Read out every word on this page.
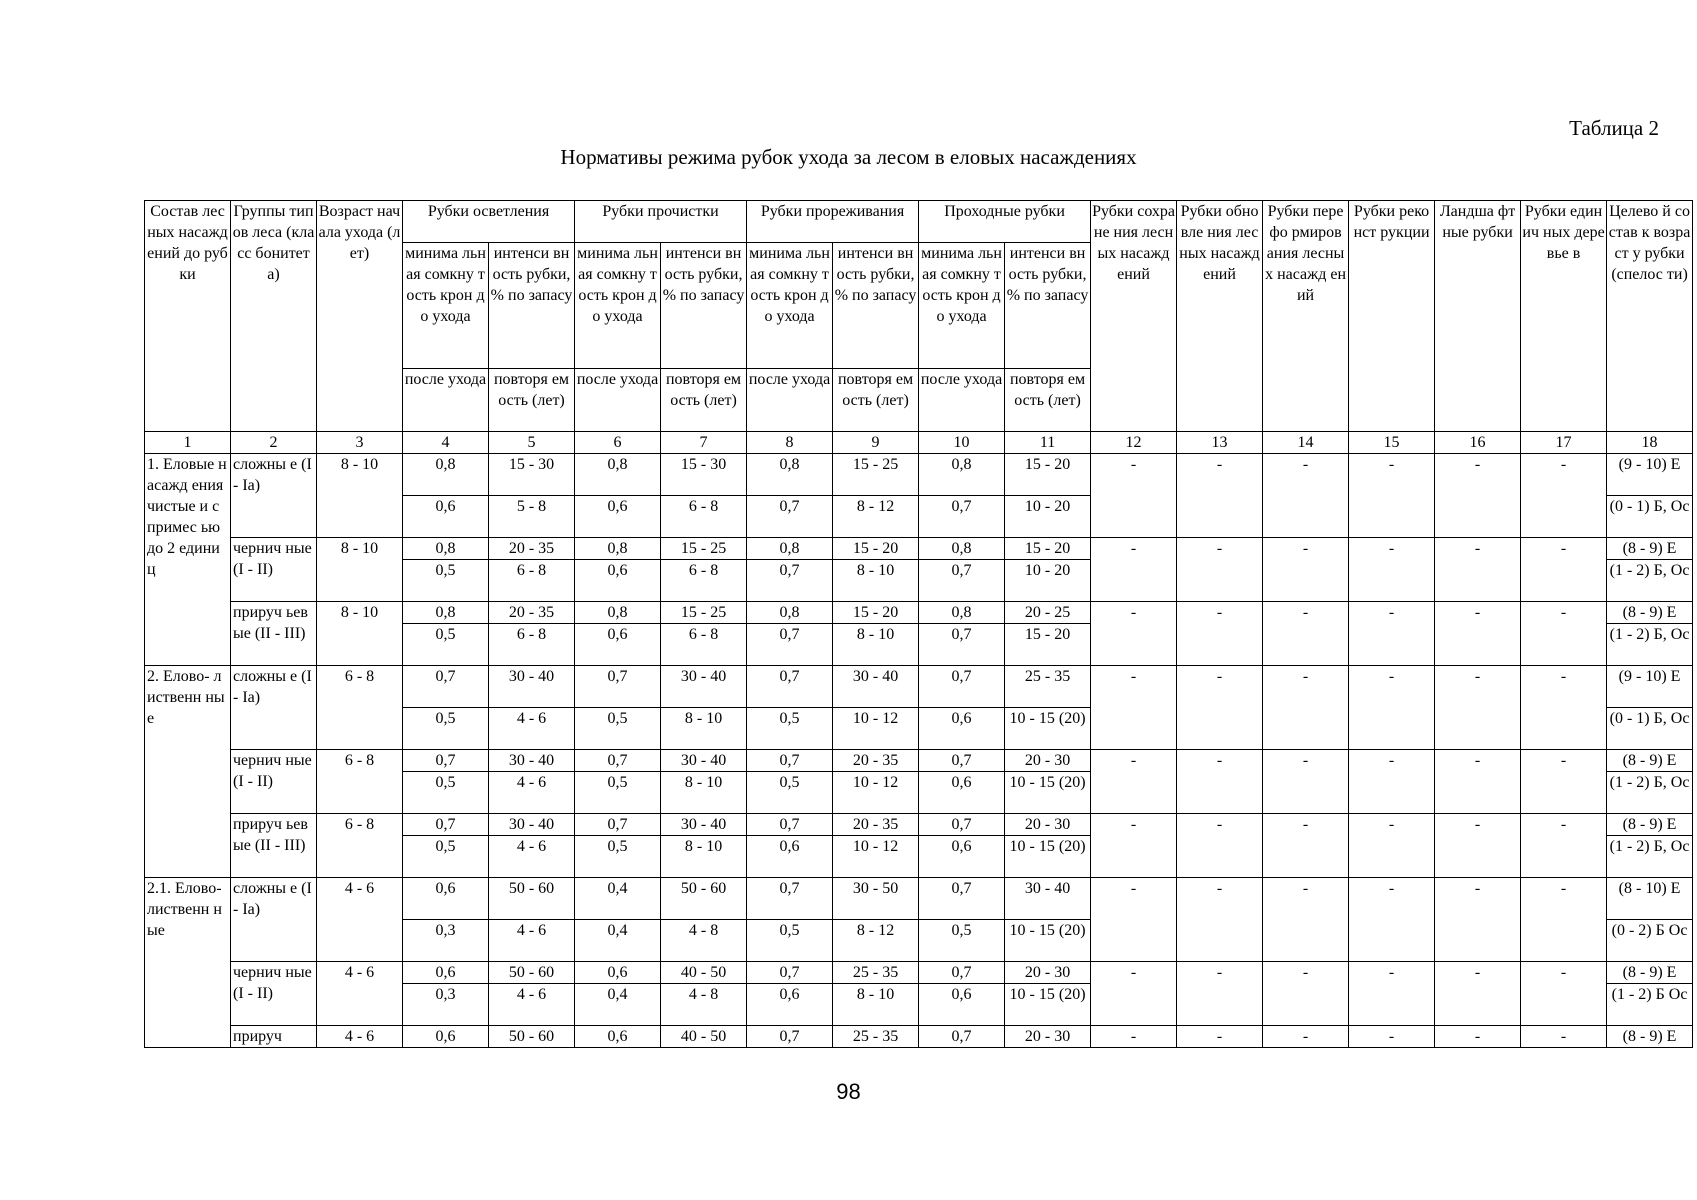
Таблица 2
Нормативы режима рубок ухода за лесом в еловых насаждениях
Состав лесных насажд ений до рубки	Группы типов леса (класс бонитет а)	Возраст начала ухода (лет)	Рубки осветления		Рубки прочистки		Рубки прореживания		Проходные рубки		Рубки сохране ния лесных насажд ений	Рубки обновле ния лесных насажд ений	Рубки перефо рмиров ания лесных насажд ений	Рубки реконст рукции	Ландша фтные рубки	Рубки единич ных деревье в	Целево й состав к возраст у рубки (спелос ти)
			минима льная сомкну тость крон до ухода	интенси вность рубки, % по запасу	минима льная сомкну тость крон до ухода	интенси вность рубки, % по запасу	минима льная сомкну тость крон до ухода	интенси вность рубки, % по запасу	минима льная сомкну тость крон до ухода	интенси вность рубки, % по запасу							
			после ухода	повторя емость (лет)	после ухода	повторя емость (лет)	после ухода	повторя емость (лет)	после ухода	повторя емость (лет)							
1	2	3	4	5	6	7	8	9	10	11	12	13	14	15	16	17	18
1. Еловые насажд ения чистые и с примес ью до 2 единиц	сложны е (I - Ia)	8 - 10	0,8	15 - 30	0,8	15 - 30	0,8	15 - 25	0,8	15 - 20	-	-	-	-	-	-	(9 - 10) Е
			0,6	5 - 8	0,6	6 - 8	0,7	8 - 12	0,7	10 - 20							(0 - 1) Б, Ос
	чернич ные (I - II)	8 - 10	0,8	20 - 35	0,8	15 - 25	0,8	15 - 20	0,8	15 - 20	-	-	-	-	-	-	(8 - 9) Е
			0,5	6 - 8	0,6	6 - 8	0,7	8 - 10	0,7	10 - 20							(1 - 2) Б, Ос
	прируч ьевые (II - III)	8 - 10	0,8	20 - 35	0,8	15 - 25	0,8	15 - 20	0,8	20 - 25	-	-	-	-	-	-	(8 - 9) Е
			0,5	6 - 8	0,6	6 - 8	0,7	8 - 10	0,7	15 - 20							(1 - 2) Б, Ос
2. Елово- лиственн ные	сложны е (I - Ia)	6 - 8	0,7	30 - 40	0,7	30 - 40	0,7	30 - 40	0,7	25 - 35	-	-	-	-	-	-	(9 - 10) Е
			0,5	4 - 6	0,5	8 - 10	0,5	10 - 12	0,6	10 - 15 (20)							(0 - 1) Б, Ос
	чернич ные (I - II)	6 - 8	0,7	30 - 40	0,7	30 - 40	0,7	20 - 35	0,7	20 - 30	-	-	-	-	-	-	(8 - 9) Е
			0,5	4 - 6	0,5	8 - 10	0,5	10 - 12	0,6	10 - 15 (20)							(1 - 2) Б, Ос
	прируч ьевые (II - III)	6 - 8	0,7	30 - 40	0,7	30 - 40	0,7	20 - 35	0,7	20 - 30	-	-	-	-	-	-	(8 - 9) Е
			0,5	4 - 6	0,5	8 - 10	0,6	10 - 12	0,6	10 - 15 (20)							(1 - 2) Б, Ос
2.1. Елово- лиственн ные	сложны е (I - Ia)	4 - 6	0,6	50 - 60	0,4	50 - 60	0,7	30 - 50	0,7	30 - 40	-	-	-	-	-	-	(8 - 10) Е
			0,3	4 - 6	0,4	4 - 8	0,5	8 - 12	0,5	10 - 15 (20)							(0 - 2) Б Ос
	чернич ные (I - II)	4 - 6	0,6	50 - 60	0,6	40 - 50	0,7	25 - 35	0,7	20 - 30	-	-	-	-	-	-	(8 - 9) Е
			0,3	4 - 6	0,4	4 - 8	0,6	8 - 10	0,6	10 - 15 (20)							(1 - 2) Б Ос
	прируч	4 - 6	0,6	50 - 60	0,6	40 - 50	0,7	25 - 35	0,7	20 - 30	-	-	-	-	-	-	(8 - 9) Е
98
